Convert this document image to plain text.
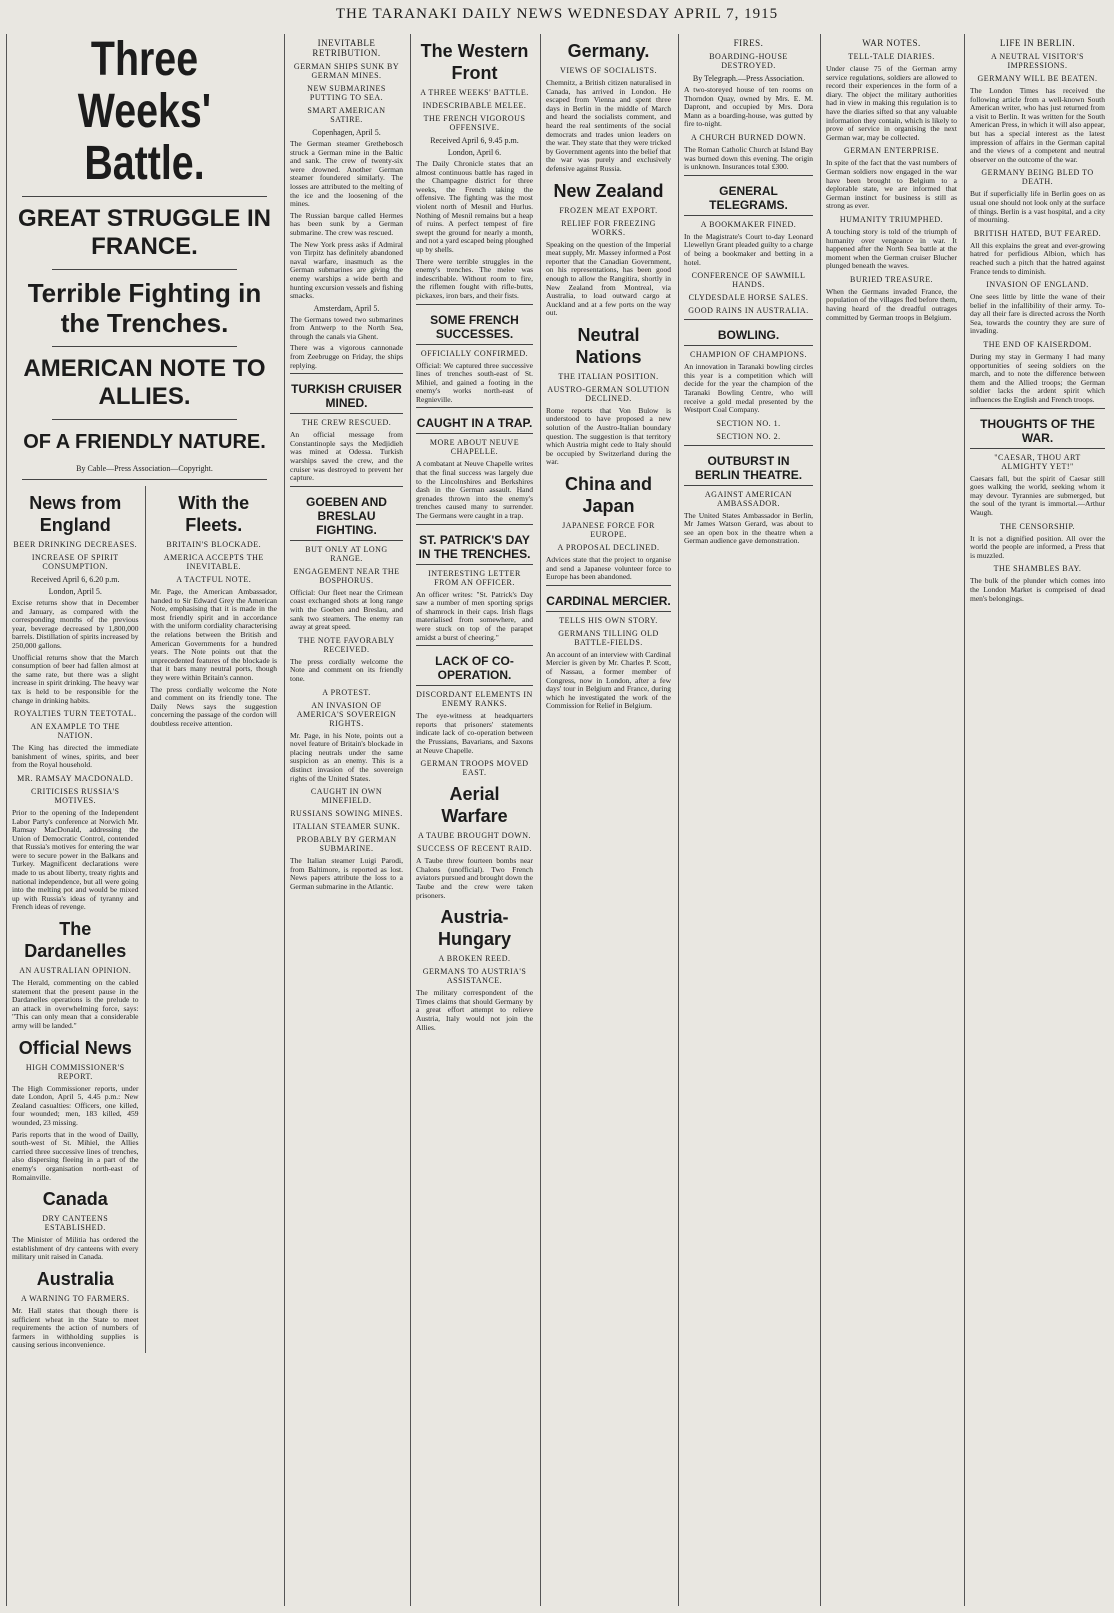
THE TARANAKI DAILY NEWS WEDNESDAY APRIL 7, 1915
Three Weeks' Battle.
GREAT STRUGGLE IN FRANCE.
Terrible Fighting in the Trenches.
AMERICAN NOTE TO ALLIES.
OF A FRIENDLY NATURE.
By Cable—Press Association—Copyright.
News from England
BEER DRINKING DECREASES.
INCREASE OF SPIRIT CONSUMPTION.
Received April 6, 6.20 p.m.
London, April 5.
Excise returns show that in December and January, as compared with the corresponding months of the previous year, beverage decreased by 1,800,000 barrels. Distillation of spirits increased by 250,000 gallons.
Unofficial returns show that the March consumption of beer had fallen almost at the same rate, but there was a slight increase in spirit drinking. The heavy war tax is held to be responsible for the change in drinking habits.
ROYALTIES TURN TEETOTAL.
AN EXAMPLE TO THE NATION.
The King has directed the immediate banishment of wines, spirits, and beer from the Royal household.
MR. RAMSAY MACDONALD.
CRITICISES RUSSIA'S MOTIVES.
Prior to the opening of the Independent Labor Party's conference at Norwich Mr. Ramsay MacDonald, addressing the Union of Democratic Control, contended that Russia's motives for entering the war were to secure power in the Balkans and Turkey. Magnificent declarations were made to us about liberty, treaty rights and national independence, but all were going into the melting pot and would be mixed up with Russia's ideas of tyranny and French ideas of revenge.
The Dardanelles
AN AUSTRALIAN OPINION.
The Herald, commenting on the cabled statement that the present pause in the Dardanelles operations is the prelude to an attack in overwhelming force, says: "This can only mean that a considerable army will be landed."
Official News
HIGH COMMISSIONER'S REPORT.
The High Commissioner reports, under date London, April 5, 4.45 p.m.: New Zealand casualties: Officers, one killed, four wounded; men, 183 killed, 459 wounded, 23 missing.
Paris reports that in the wood of Dailly, south-west of St. Mihiel, the Allies carried three successive lines of trenches, also dispersing fleeing in a part of the enemy's organisation north-east of Romainville.
Canada
DRY CANTEENS ESTABLISHED.
The Minister of Militia has ordered the establishment of dry canteens with every military unit raised in Canada.
Australia
A WARNING TO FARMERS.
Mr. Hall states that though there is sufficient wheat in the State to meet requirements the action of numbers of farmers in withholding supplies is causing serious inconvenience.
With the Fleets.
BRITAIN'S BLOCKADE.
AMERICA ACCEPTS THE INEVITABLE.
A TACTFUL NOTE.
Mr. Page, the American Ambassador, handed to Sir Edward Grey the American Note, emphasising that it is made in the most friendly spirit and in accordance with the uniform cordiality characterising the relations between the British and American Governments for a hundred years. The Note points out that the unprecedented features of the blockade is that it bars many neutral ports, though they were within Britain's cannon.
The press cordially welcome the Note and comment on its friendly tone. The Daily News says the suggestion concerning the passage of the cordon will doubtless receive attention.
INEVITABLE RETRIBUTION.
GERMAN SHIPS SUNK BY GERMAN MINES.
NEW SUBMARINES PUTTING TO SEA.
SMART AMERICAN SATIRE.
Copenhagen, April 5.
The German steamer Grethebosch struck a German mine in the Baltic and sank. The crew of twenty-six were drowned. Another German steamer foundered similarly. The losses are attributed to the melting of the ice and the loosening of the mines.
The Russian barque called Hermes has been sunk by a German submarine. The crew was rescued.
The New York press asks if Admiral von Tirpitz has definitely abandoned naval warfare, inasmuch as the German submarines are giving the enemy warships a wide berth and hunting excursion vessels and fishing smacks.
Amsterdam, April 5.
The Germans towed two submarines from Antwerp to the North Sea, through the canals via Ghent.
There was a vigorous cannonade from Zeebrugge on Friday, the ships replying.
TURKISH CRUISER MINED.
THE CREW RESCUED.
An official message from Constantinople says the Medjidieh was mined at Odessa. Turkish warships saved the crew, and the cruiser was destroyed to prevent her capture.
GOEBEN AND BRESLAU FIGHTING.
BUT ONLY AT LONG RANGE.
ENGAGEMENT NEAR THE BOSPHORUS.
Official: Our fleet near the Crimean coast exchanged shots at long range with the Goeben and Breslau, and sank two steamers. The enemy ran away at great speed.
THE NOTE FAVORABLY RECEIVED.
The press cordially welcome the Note and comment on its friendly tone.
A PROTEST.
AN INVASION OF AMERICA'S SOVEREIGN RIGHTS.
Mr. Page, in his Note, points out a novel feature of Britain's blockade in placing neutrals under the same suspicion as an enemy. This is a distinct invasion of the sovereign rights of the United States.
CAUGHT IN OWN MINEFIELD.
RUSSIANS SOWING MINES.
ITALIAN STEAMER SUNK.
PROBABLY BY GERMAN SUBMARINE.
The Italian steamer Luigi Parodi, from Baltimore, is reported as lost. News papers attribute the loss to a German submarine in the Atlantic.
The Western Front
A THREE WEEKS' BATTLE.
INDESCRIBABLE MELEE.
THE FRENCH VIGOROUS OFFENSIVE.
Received April 6, 9.45 p.m.
London, April 6.
The Daily Chronicle states that an almost continuous battle has raged in the Champagne district for three weeks, the French taking the offensive. The fighting was the most violent north of Mesnil and Hurlus. Nothing of Mesnil remains but a heap of ruins. A perfect tempest of fire swept the ground for nearly a month, and not a yard escaped being ploughed up by shells.
There were terrible struggles in the enemy's trenches. The melee was indescribable. Without room to fire, the riflemen fought with rifle-butts, pickaxes, iron bars, and their fists.
SOME FRENCH SUCCESSES.
OFFICIALLY CONFIRMED.
Official: We captured three successive lines of trenches south-east of St. Mihiel, and gained a footing in the enemy's works north-east of Regnieville.
CAUGHT IN A TRAP.
MORE ABOUT NEUVE CHAPELLE.
A combatant at Neuve Chapelle writes that the final success was largely due to the Lincolnshires and Berkshires dash in the German assault. Hand grenades thrown into the enemy's trenches caused many to surrender. The Germans were caught in a trap.
ST. PATRICK'S DAY IN THE TRENCHES.
INTERESTING LETTER FROM AN OFFICER.
An officer writes: "St. Patrick's Day saw a number of men sporting sprigs of shamrock in their caps. Irish flags materialised from somewhere, and were stuck on top of the parapet amidst a burst of cheering."
LACK OF CO-OPERATION.
DISCORDANT ELEMENTS IN ENEMY RANKS.
The eye-witness at headquarters reports that prisoners' statements indicate lack of co-operation between the Prussians, Bavarians, and Saxons at Neuve Chapelle.
GERMAN TROOPS MOVED EAST.
Aerial Warfare
A TAUBE BROUGHT DOWN.
SUCCESS OF RECENT RAID.
A Taube threw fourteen bombs near Chalons (unofficial). Two French aviators pursued and brought down the Taube and the crew were taken prisoners.
Austria-Hungary
A BROKEN REED.
GERMANS TO AUSTRIA'S ASSISTANCE.
The military correspondent of the Times claims that should Germany by a great effort attempt to relieve Austria, Italy would not join the Allies.
Germany.
VIEWS OF SOCIALISTS.
Chemnitz, a British citizen naturalised in Canada, has arrived in London. He escaped from Vienna and spent three days in Berlin in the middle of March and heard the socialists comment, and heard the real sentiments of the social democrats and trades union leaders on the war. They state that they were tricked by Government agents into the belief that the war was purely and exclusively defensive against Russia.
New Zealand
FROZEN MEAT EXPORT.
RELIEF FOR FREEZING WORKS.
Speaking on the question of the Imperial meat supply, Mr. Massey informed a Post reporter that the Canadian Government, on his representations, has been good enough to allow the Rangitira, shortly in New Zealand from Montreal, via Australia, to load outward cargo at Auckland and at a few ports on the way out.
Neutral Nations
THE ITALIAN POSITION.
AUSTRO-GERMAN SOLUTION DECLINED.
Rome reports that Von Bulow is understood to have proposed a new solution of the Austro-Italian boundary question. The suggestion is that territory which Austria might cede to Italy should be occupied by Switzerland during the war.
China and Japan
JAPANESE FORCE FOR EUROPE.
A PROPOSAL DECLINED.
Advices state that the project to organise and send a Japanese volunteer force to Europe has been abandoned.
CARDINAL MERCIER.
TELLS HIS OWN STORY.
GERMANS TILLING OLD BATTLE-FIELDS.
An account of an interview with Cardinal Mercier is given by Mr. Charles P. Scott, of Nassau, a former member of Congress, now in London, after a few days' tour in Belgium and France, during which he investigated the work of the Commission for Relief in Belgium.
FIRES.
BOARDING-HOUSE DESTROYED.
By Telegraph.—Press Association.
A two-storeyed house of ten rooms on Thorndon Quay, owned by Mrs. E. M. Dapront, and occupied by Mrs. Dora Mann as a boarding-house, was gutted by fire to-night.
A CHURCH BURNED DOWN.
The Roman Catholic Church at Island Bay was burned down this evening. The origin is unknown. Insurances total £300.
GENERAL TELEGRAMS.
A BOOKMAKER FINED.
In the Magistrate's Court to-day Leonard Llewellyn Grant pleaded guilty to a charge of being a bookmaker and betting in a hotel.
CONFERENCE OF SAWMILL HANDS.
CLYDESDALE HORSE SALES.
GOOD RAINS IN AUSTRALIA.
BOWLING.
CHAMPION OF CHAMPIONS.
An innovation in Taranaki bowling circles this year is a competition which will decide for the year the champion of the Taranaki Bowling Centre, who will receive a gold medal presented by the Westport Coal Company.
SECTION NO. 1.
SECTION NO. 2.
OUTBURST IN BERLIN THEATRE.
AGAINST AMERICAN AMBASSADOR.
The United States Ambassador in Berlin, Mr James Watson Gerard, was about to see an open box in the theatre when a German audience gave demonstration.
WAR NOTES.
TELL-TALE DIARIES.
Under clause 75 of the German army service regulations, soldiers are allowed to record their experiences in the form of a diary. The object the military authorities had in view in making this regulation is to have the diaries sifted so that any valuable information they contain, which is likely to prove of service in organising the next German war, may be collected.
GERMAN ENTERPRISE.
In spite of the fact that the vast numbers of German soldiers now engaged in the war have been brought to Belgium to a deplorable state, we are informed that German instinct for business is still as strong as ever.
HUMANITY TRIUMPHED.
A touching story is told of the triumph of humanity over vengeance in war. It happened after the North Sea battle at the moment when the German cruiser Blucher plunged beneath the waves.
BURIED TREASURE.
When the Germans invaded France, the population of the villages fled before them, having heard of the dreadful outrages committed by German troops in Belgium.
LIFE IN BERLIN.
A NEUTRAL VISITOR'S IMPRESSIONS.
GERMANY WILL BE BEATEN.
The London Times has received the following article from a well-known South American writer, who has just returned from a visit to Berlin. It was written for the South American Press, in which it will also appear, but has a special interest as the latest impression of affairs in the German capital and the views of a competent and neutral observer on the outcome of the war.
GERMANY BEING BLED TO DEATH.
But if superficially life in Berlin goes on as usual one should not look only at the surface of things. Berlin is a vast hospital, and a city of mourning.
BRITISH HATED, BUT FEARED.
All this explains the great and ever-growing hatred for perfidious Albion, which has reached such a pitch that the hatred against France tends to diminish.
INVASION OF ENGLAND.
One sees little by little the wane of their belief in the infallibility of their army. To-day all their fare is directed across the North Sea, towards the country they are sure of invading.
THE END OF KAISERDOM.
During my stay in Germany I had many opportunities of seeing soldiers on the march, and to note the difference between them and the Allied troops; the German soldier lacks the ardent spirit which influences the English and French troops.
THOUGHTS OF THE WAR.
"CAESAR, THOU ART ALMIGHTY YET!"
Caesars fall, but the spirit of Caesar still goes walking the world, seeking whom it may devour. Tyrannies are submerged, but the soul of the tyrant is immortal.—Arthur Waugh.
THE CENSORSHIP.
It is not a dignified position. All over the world the people are informed, a Press that is muzzled.
THE SHAMBLES BAY.
The bulk of the plunder which comes into the London Market is comprised of dead men's belongings.
